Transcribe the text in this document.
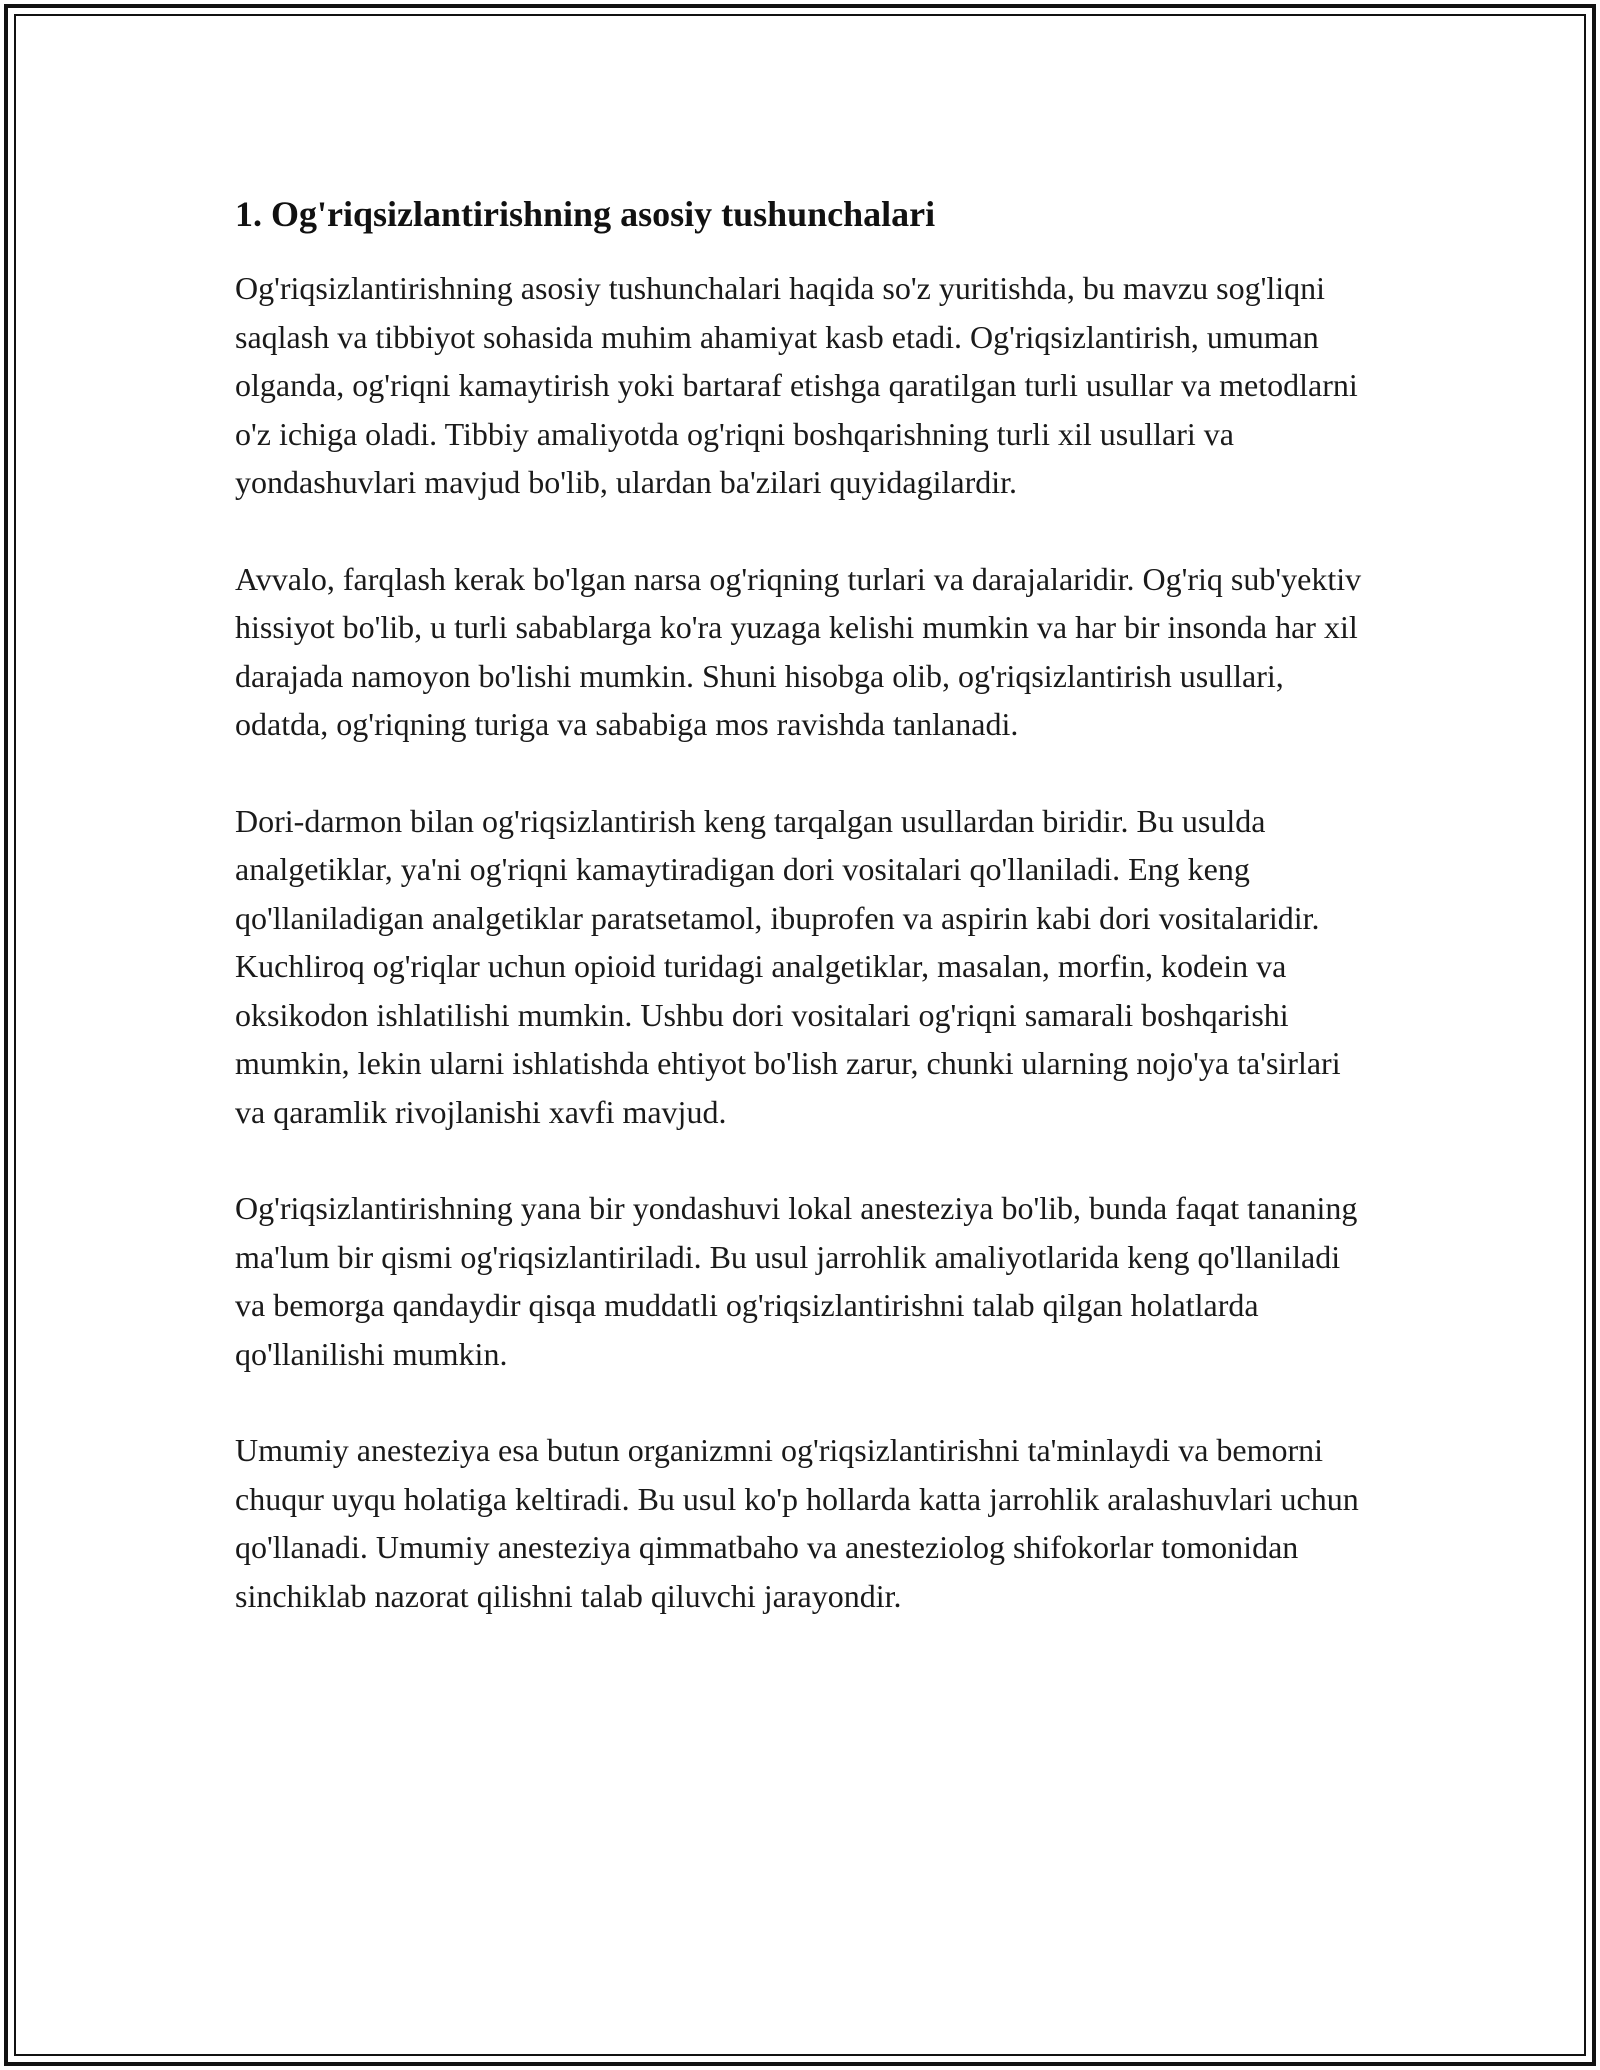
1. Og'riqsizlantirishning asosiy tushunchalari

Og'riqsizlantirishning asosiy tushunchalari haqida so'z yuritishda, bu mavzu sog'liqni saqlash va tibbiyot sohasida muhim ahamiyat kasb etadi. Og'riqsizlantirish, umuman olganda, og'riqni kamaytirish yoki bartaraf etishga qaratilgan turli usullar va metodlarni o'z ichiga oladi. Tibbiy amaliyotda og'riqni boshqarishning turli xil usullari va yondashuvlari mavjud bo'lib, ulardan ba'zilari quyidagilardir.

Avvalo, farqlash kerak bo'lgan narsa og'riqning turlari va darajalaridir. Og'riq sub'yektiv hissiyot bo'lib, u turli sabablarga ko'ra yuzaga kelishi mumkin va har bir insonda har xil darajada namoyon bo'lishi mumkin. Shuni hisobga olib, og'riqsizlantirish usullari, odatda, og'riqning turiga va sababiga mos ravishda tanlanadi.

Dori-darmon bilan og'riqsizlantirish keng tarqalgan usullardan biridir. Bu usulda analgetiklar, ya'ni og'riqni kamaytiradigan dori vositalari qo'llaniladi. Eng keng qo'llaniladigan analgetiklar paratsetamol, ibuprofen va aspirin kabi dori vositalaridir. Kuchliroq og'riqlar uchun opioid turidagi analgetiklar, masalan, morfin, kodein va oksikodon ishlatilishi mumkin. Ushbu dori vositalari og'riqni samarali boshqarishi mumkin, lekin ularni ishlatishda ehtiyot bo'lish zarur, chunki ularning nojo'ya ta'sirlari va qaramlik rivojlanishi xavfi mavjud.

Og'riqsizlantirishning yana bir yondashuvi lokal anesteziya bo'lib, bunda faqat tananing ma'lum bir qismi og'riqsizlantiriladi. Bu usul jarrohlik amaliyotlarida keng qo'llaniladi va bemorga qandaydir qisqa muddatli og'riqsizlantirishni talab qilgan holatlarda qo'llanilishi mumkin.

Umumiy anesteziya esa butun organizmni og'riqsizlantirishni ta'minlaydi va bemorni chuqur uyqu holatiga keltiradi. Bu usul ko'p hollarda katta jarrohlik aralashuvlari uchun qo'llanadi. Umumiy anesteziya qimmatbaho va anesteziolog shifokorlar tomonidan sinchiklab nazorat qilishni talab qiluvchi jarayondir.
